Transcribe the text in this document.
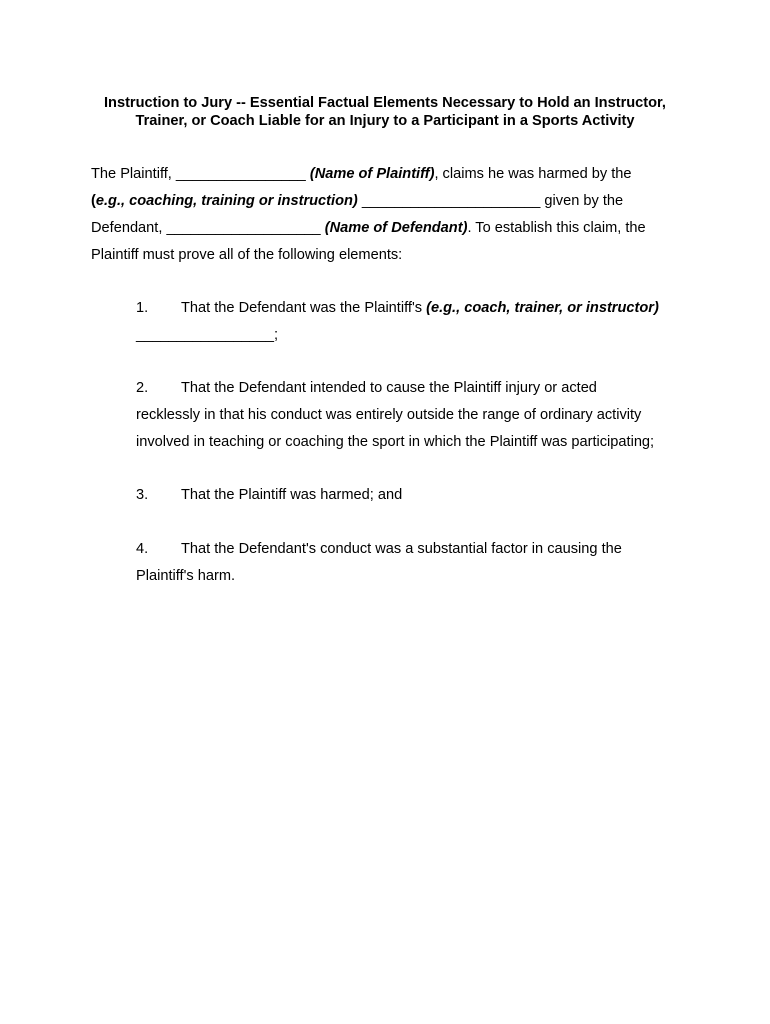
Instruction to Jury -- Essential Factual Elements Necessary to Hold an Instructor,
Trainer, or Coach Liable for an Injury to a Participant in a Sports Activity
The Plaintiff, ________________ (Name of Plaintiff), claims he was harmed by the
(e.g., coaching, training or instruction) ______________________ given by the
Defendant, ___________________ (Name of Defendant). To establish this claim, the
Plaintiff must prove all of the following elements:
1. That the Defendant was the Plaintiff's (e.g., coach, trainer, or instructor)
_________________;
2. That the Defendant intended to cause the Plaintiff injury or acted
recklessly in that his conduct was entirely outside the range of ordinary activity
involved in teaching or coaching the sport in which the Plaintiff was participating;
3. That the Plaintiff was harmed; and
4. That the Defendant's conduct was a substantial factor in causing the
Plaintiff's harm.
